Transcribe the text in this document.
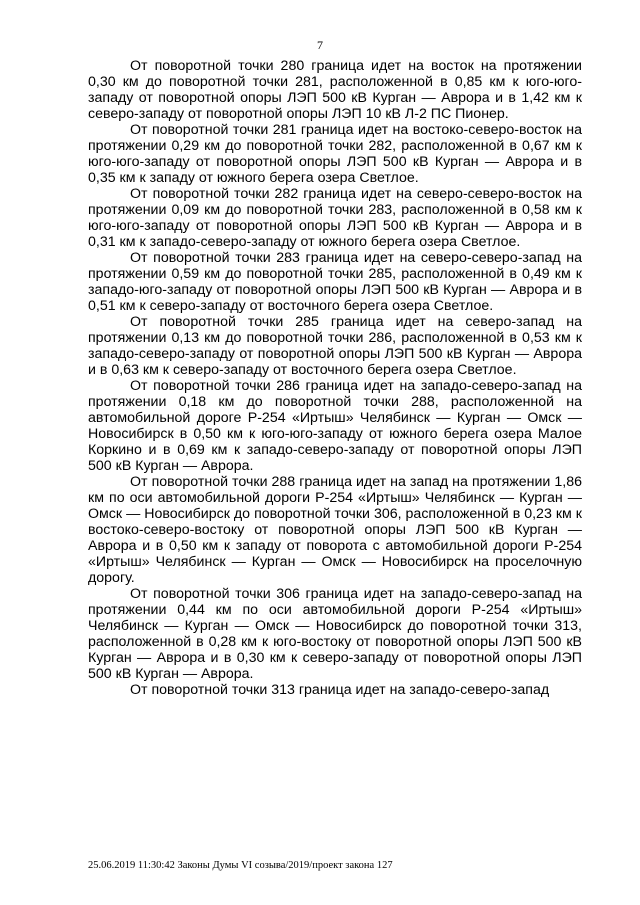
7

От поворотной точки 280 граница идет на восток на протяжении 0,30 км до поворотной точки 281, расположенной в 0,85 км к юго-юго-западу от поворотной опоры ЛЭП 500 кВ Курган — Аврора и в 1,42 км к северо-западу от поворотной опоры ЛЭП 10 кВ Л-2 ПС Пионер.

От поворотной точки 281 граница идет на востоко-северо-восток на протяжении 0,29 км до поворотной точки 282, расположенной в 0,67 км к юго-юго-западу от поворотной опоры ЛЭП 500 кВ Курган — Аврора и в 0,35 км к западу от южного берега озера Светлое.

От поворотной точки 282 граница идет на северо-северо-восток на протяжении 0,09 км до поворотной точки 283, расположенной в 0,58 км к юго-юго-западу от поворотной опоры ЛЭП 500 кВ Курган — Аврора и в 0,31 км к западо-северо-западу от южного берега озера Светлое.

От поворотной точки 283 граница идет на северо-северо-запад на протяжении 0,59 км до поворотной точки 285, расположенной в 0,49 км к западо-юго-западу от поворотной опоры ЛЭП 500 кВ Курган — Аврора и в 0,51 км к северо-западу от восточного берега озера Светлое.

От поворотной точки 285 граница идет на северо-запад на протяжении 0,13 км до поворотной точки 286, расположенной в 0,53 км к западо-северо-западу от поворотной опоры ЛЭП 500 кВ Курган — Аврора и в 0,63 км к северо-западу от восточного берега озера Светлое.

От поворотной точки 286 граница идет на западо-северо-запад на протяжении 0,18 км до поворотной точки 288, расположенной на автомобильной дороге Р-254 «Иртыш» Челябинск — Курган — Омск — Новосибирск в 0,50 км к юго-юго-западу от южного берега озера Малое Коркино и в 0,69 км к западо-северо-западу от поворотной опоры ЛЭП 500 кВ Курган — Аврора.

От поворотной точки 288 граница идет на запад на протяжении 1,86 км по оси автомобильной дороги Р-254 «Иртыш» Челябинск — Курган — Омск — Новосибирск до поворотной точки 306, расположенной в 0,23 км к востоко-северо-востоку от поворотной опоры ЛЭП 500 кВ Курган — Аврора и в 0,50 км к западу от поворота с автомобильной дороги Р-254 «Иртыш» Челябинск — Курган — Омск — Новосибирск на проселочную дорогу.

От поворотной точки 306 граница идет на западо-северо-запад на протяжении 0,44 км по оси автомобильной дороги Р-254 «Иртыш» Челябинск — Курган — Омск — Новосибирск до поворотной точки 313, расположенной в 0,28 км к юго-востоку от поворотной опоры ЛЭП 500 кВ Курган — Аврора и в 0,30 км к северо-западу от поворотной опоры ЛЭП 500 кВ Курган — Аврора.

От поворотной точки 313 граница идет на западо-северо-запад

25.06.2019 11:30:42 Законы Думы VI созыва/2019/проект закона 127
